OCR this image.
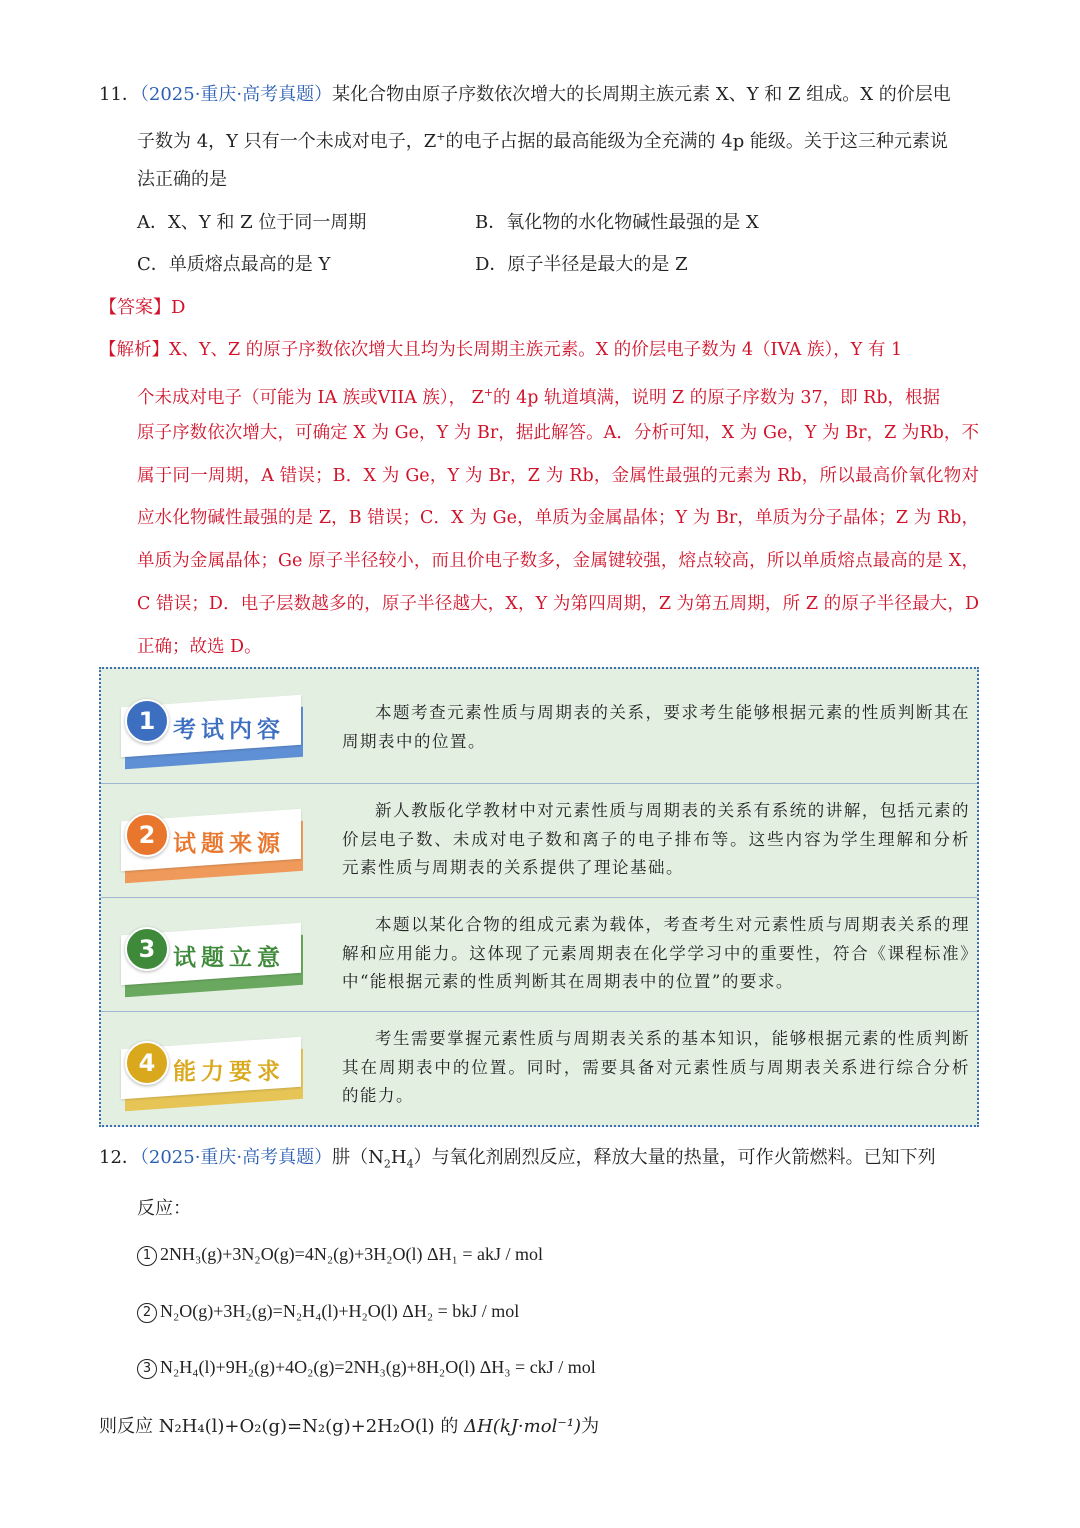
11．（2025·重庆·高考真题）某化合物由原子序数依次增大的长周期主族元素 X、Y 和 Z 组成。X 的价层电
子数为 4，Y 只有一个未成对电子，Z+的电子占据的最高能级为全充满的 4p 能级。关于这三种元素说
法正确的是
A．X、Y 和 Z 位于同一周期	B．氧化物的水化物碱性最强的是 X
C．单质熔点最高的是 Y	D．原子半径是最大的是 Z
【答案】D
【解析】X、Y、Z 的原子序数依次增大且均为长周期主族元素。X 的价层电子数为 4（IVA 族），Y 有 1
个未成对电子（可能为 IA 族或VIIA 族）， Z+的 4p 轨道填满，说明 Z 的原子序数为 37，即 Rb，根据
原子序数依次增大，可确定 X 为 Ge，Y 为 Br，据此解答。A．分析可知，X 为 Ge，Y 为 Br，Z 为Rb，不属于同一周期，A 错误；B．X 为 Ge，Y 为 Br，Z 为 Rb，金属性最强的元素为 Rb，所以最高价氧化物对应水化物碱性最强的是 Z，B 错误；C．X 为 Ge，单质为金属晶体；Y 为 Br，单质为分子晶体；Z 为 Rb，单质为金属晶体；Ge 原子半径较小，而且价电子数多，金属键较强，熔点较高，所以单质熔点最高的是 X，C 错误；D．电子层数越多的，原子半径越大，X，Y 为第四周期，Z 为第五周期，所 Z 的原子半径最大，D 正确；故选 D。
1 考试内容
本题考查元素性质与周期表的关系，要求考生能够根据元素的性质判断其在周期表中的位置。
2 试题来源
新人教版化学教材中对元素性质与周期表的关系有系统的讲解，包括元素的价层电子数、未成对电子数和离子的电子排布等。这些内容为学生理解和分析元素性质与周期表的关系提供了理论基础。
3 试题立意
本题以某化合物的组成元素为载体，考查考生对元素性质与周期表关系的理解和应用能力。这体现了元素周期表在化学学习中的重要性，符合《课程标准》中“能根据元素的性质判断其在周期表中的位置”的要求。
4 能力要求
考生需要掌握元素性质与周期表关系的基本知识，能够根据元素的性质判断其在周期表中的位置。同时，需要具备对元素性质与周期表关系进行综合分析的能力。
12．（2025·重庆·高考真题）肼$(N_2H_4)$与氧化剂剧烈反应，释放大量的热量，可作火箭燃料。已知下列
反应：
1 2NH₃(g)+3N₂O(g)=4N₂(g)+3H₂O(l) ΔH₁ = akJ / mol
2 N₂O(g)+3H₂(g)=N₂H₄(l)+H₂O(l) ΔH₂ = bkJ / mol
3 N₂H₄(l)+9H₂(g)+4O₂(g)=2NH₃(g)+8H₂O(l) ΔH₃ = ckJ / mol
则反应 N₂H₄(l)+O₂(g)=N₂(g)+2H₂O(l) 的 ΔH(kJ·mol⁻¹)为
